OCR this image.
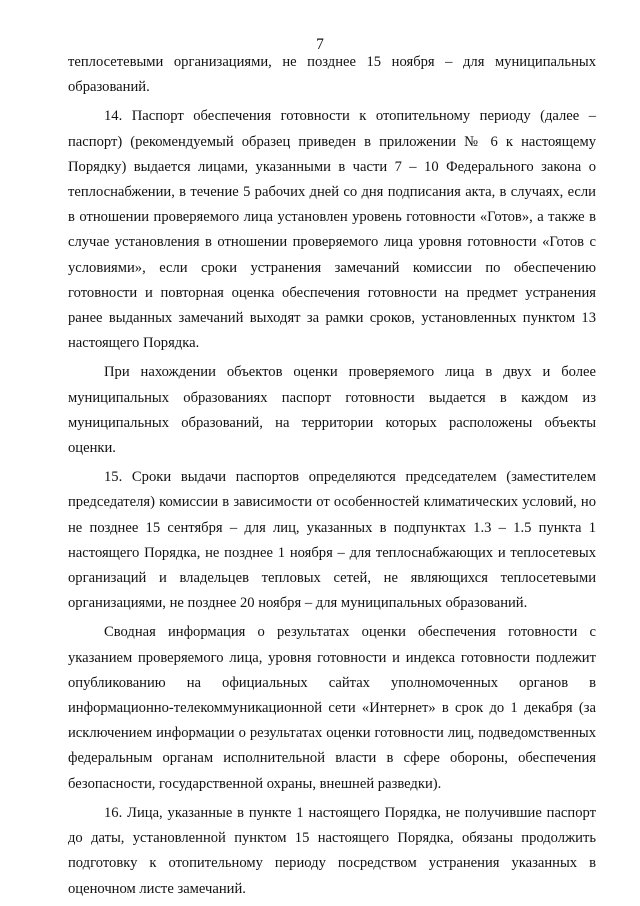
7

теплосетевыми организациями, не позднее 15 ноября – для муниципальных образований.

14. Паспорт обеспечения готовности к отопительному периоду (далее – паспорт) (рекомендуемый образец приведен в приложении № 6 к настоящему Порядку) выдается лицами, указанными в части 7 – 10 Федерального закона о теплоснабжении, в течение 5 рабочих дней со дня подписания акта, в случаях, если в отношении проверяемого лица установлен уровень готовности «Готов», а также в случае установления в отношении проверяемого лица уровня готовности «Готов с условиями», если сроки устранения замечаний комиссии по обеспечению готовности и повторная оценка обеспечения готовности на предмет устранения ранее выданных замечаний выходят за рамки сроков, установленных пунктом 13 настоящего Порядка.

При нахождении объектов оценки проверяемого лица в двух и более муниципальных образованиях паспорт готовности выдается в каждом из муниципальных образований, на территории которых расположены объекты оценки.

15. Сроки выдачи паспортов определяются председателем (заместителем председателя) комиссии в зависимости от особенностей климатических условий, но не позднее 15 сентября – для лиц, указанных в подпунктах 1.3 – 1.5 пункта 1 настоящего Порядка, не позднее 1 ноября – для теплоснабжающих и теплосетевых организаций и владельцев тепловых сетей, не являющихся теплосетевыми организациями, не позднее 20 ноября – для муниципальных образований.

Сводная информация о результатах оценки обеспечения готовности с указанием проверяемого лица, уровня готовности и индекса готовности подлежит опубликованию на официальных сайтах уполномоченных органов в информационно-телекоммуникационной сети «Интернет» в срок до 1 декабря (за исключением информации о результатах оценки готовности лиц, подведомственных федеральным органам исполнительной власти в сфере обороны, обеспечения безопасности, государственной охраны, внешней разведки).

16. Лица, указанные в пункте 1 настоящего Порядка, не получившие паспорт до даты, установленной пунктом 15 настоящего Порядка, обязаны продолжить подготовку к отопительному периоду посредством устранения указанных в оценочном листе замечаний.
